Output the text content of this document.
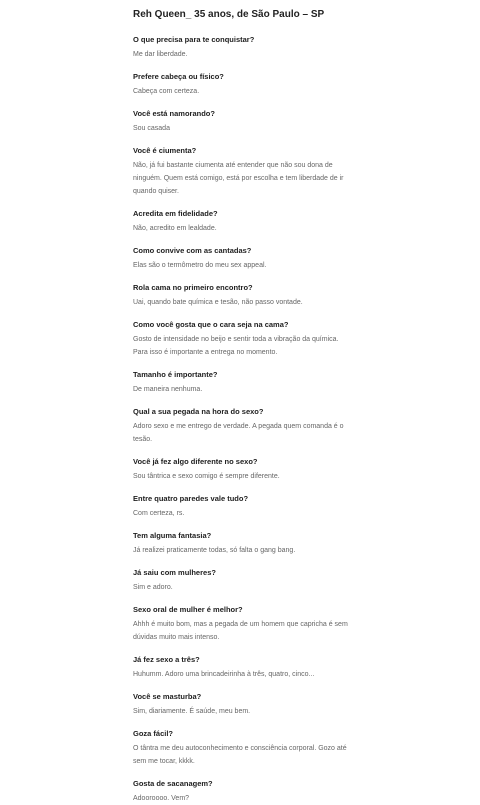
Reh Queen_ 35 anos, de São Paulo – SP
O que precisa para te conquistar?

Me dar liberdade.

Prefere cabeça ou físico?

Cabeça com certeza.

Você está namorando?

Sou casada

Você é ciumenta?

Não, já fui bastante ciumenta até entender que não sou dona de ninguém. Quem está comigo, está por escolha e tem liberdade de ir quando quiser.

Acredita em fidelidade?

Não, acredito em lealdade.

Como convive com as cantadas?

Elas são o termômetro do meu sex appeal.

Rola cama no primeiro encontro?

Uai, quando bate química e tesão, não passo vontade.

Como você gosta que o cara seja na cama?

Gosto de intensidade no beijo e sentir toda a vibração da química. Para isso é importante a entrega no momento.

Tamanho é importante?

De maneira nenhuma.

Qual a sua pegada na hora do sexo?

Adoro sexo e me entrego de verdade. A pegada quem comanda é o tesão.

Você já fez algo diferente no sexo?

Sou tântrica e sexo comigo é sempre diferente.

Entre quatro paredes vale tudo?

Com certeza, rs.

Tem alguma fantasia?

Já realizei praticamente todas, só falta o gang bang.

Já saiu com mulheres?

Sim e adoro.

Sexo oral de mulher é melhor?

Ahhh é muito bom, mas a pegada de um homem que capricha é sem dúvidas muito mais intenso.

Já fez sexo a três?

Huhumm. Adoro uma brincadeirinha à três, quatro, cinco...

Você se masturba?

Sim, diariamente. É saúde, meu bem.

Goza fácil?

O tântra me deu autoconhecimento e consciência corporal. Gozo até sem me tocar, kkkk.

Gosta de sacanagem?

Adooroooo. Vem?
